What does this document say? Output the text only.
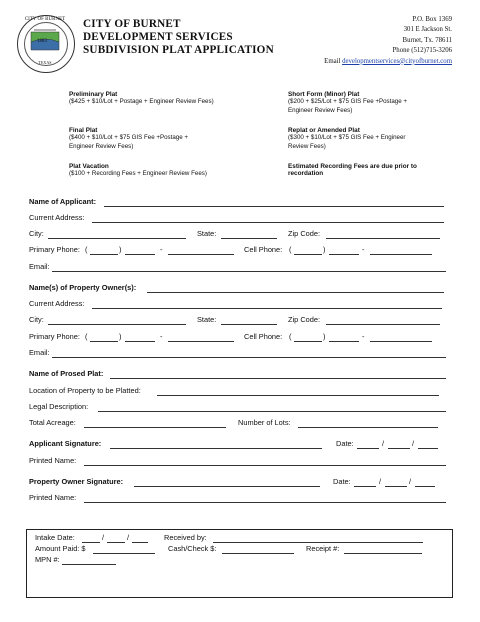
CITY OF BURNET
1883
TEXAS
CITY OF BURNET
DEVELOPMENT SERVICES
SUBDIVISION PLAT APPLICATION
P.O. Box 1369
301 E Jackson St.
Burnet, Tx. 78611
Phone (512)715-3206
Email developmentservices@cityofburnet.com
Preliminary Plat
($425 + $10/Lot + Postage + Engineer Review Fees)
Final Plat
($400 + $10/Lot + $75 GIS Fee +Postage +
Engineer Review Fees)
Plat Vacation
($100 + Recording Fees + Engineer Review Fees)
Short Form (Minor) Plat
($200 + $25/Lot + $75 GIS Fee +Postage +
Engineer Review Fees)
Replat or Amended Plat
($300 + $10/Lot + $75 GIS Fee + Engineer
Review Fees)
Estimated Recording Fees are due prior to
recordation
Name of Applicant:
Current Address:
City:	State:	Zip Code:
Primary Phone: (	)	-	Cell Phone: (	)	-
Email:
Name(s) of Property Owner(s):
Current Address:
City:	State:	Zip Code:
Primary Phone: (	)	-	Cell Phone: (	)	-
Email:
Name of Prosed Plat:
Location of Property to be Platted:
Legal Description:
Total Acreage:	Number of Lots:
Applicant Signature:	Date:	/	/
Printed Name:
Property Owner Signature:	Date:	/	/
Printed Name:
Intake Date:	/	/	Received by:
Amount Paid: $	Cash/Check $:	Receipt #:
MPN #:
